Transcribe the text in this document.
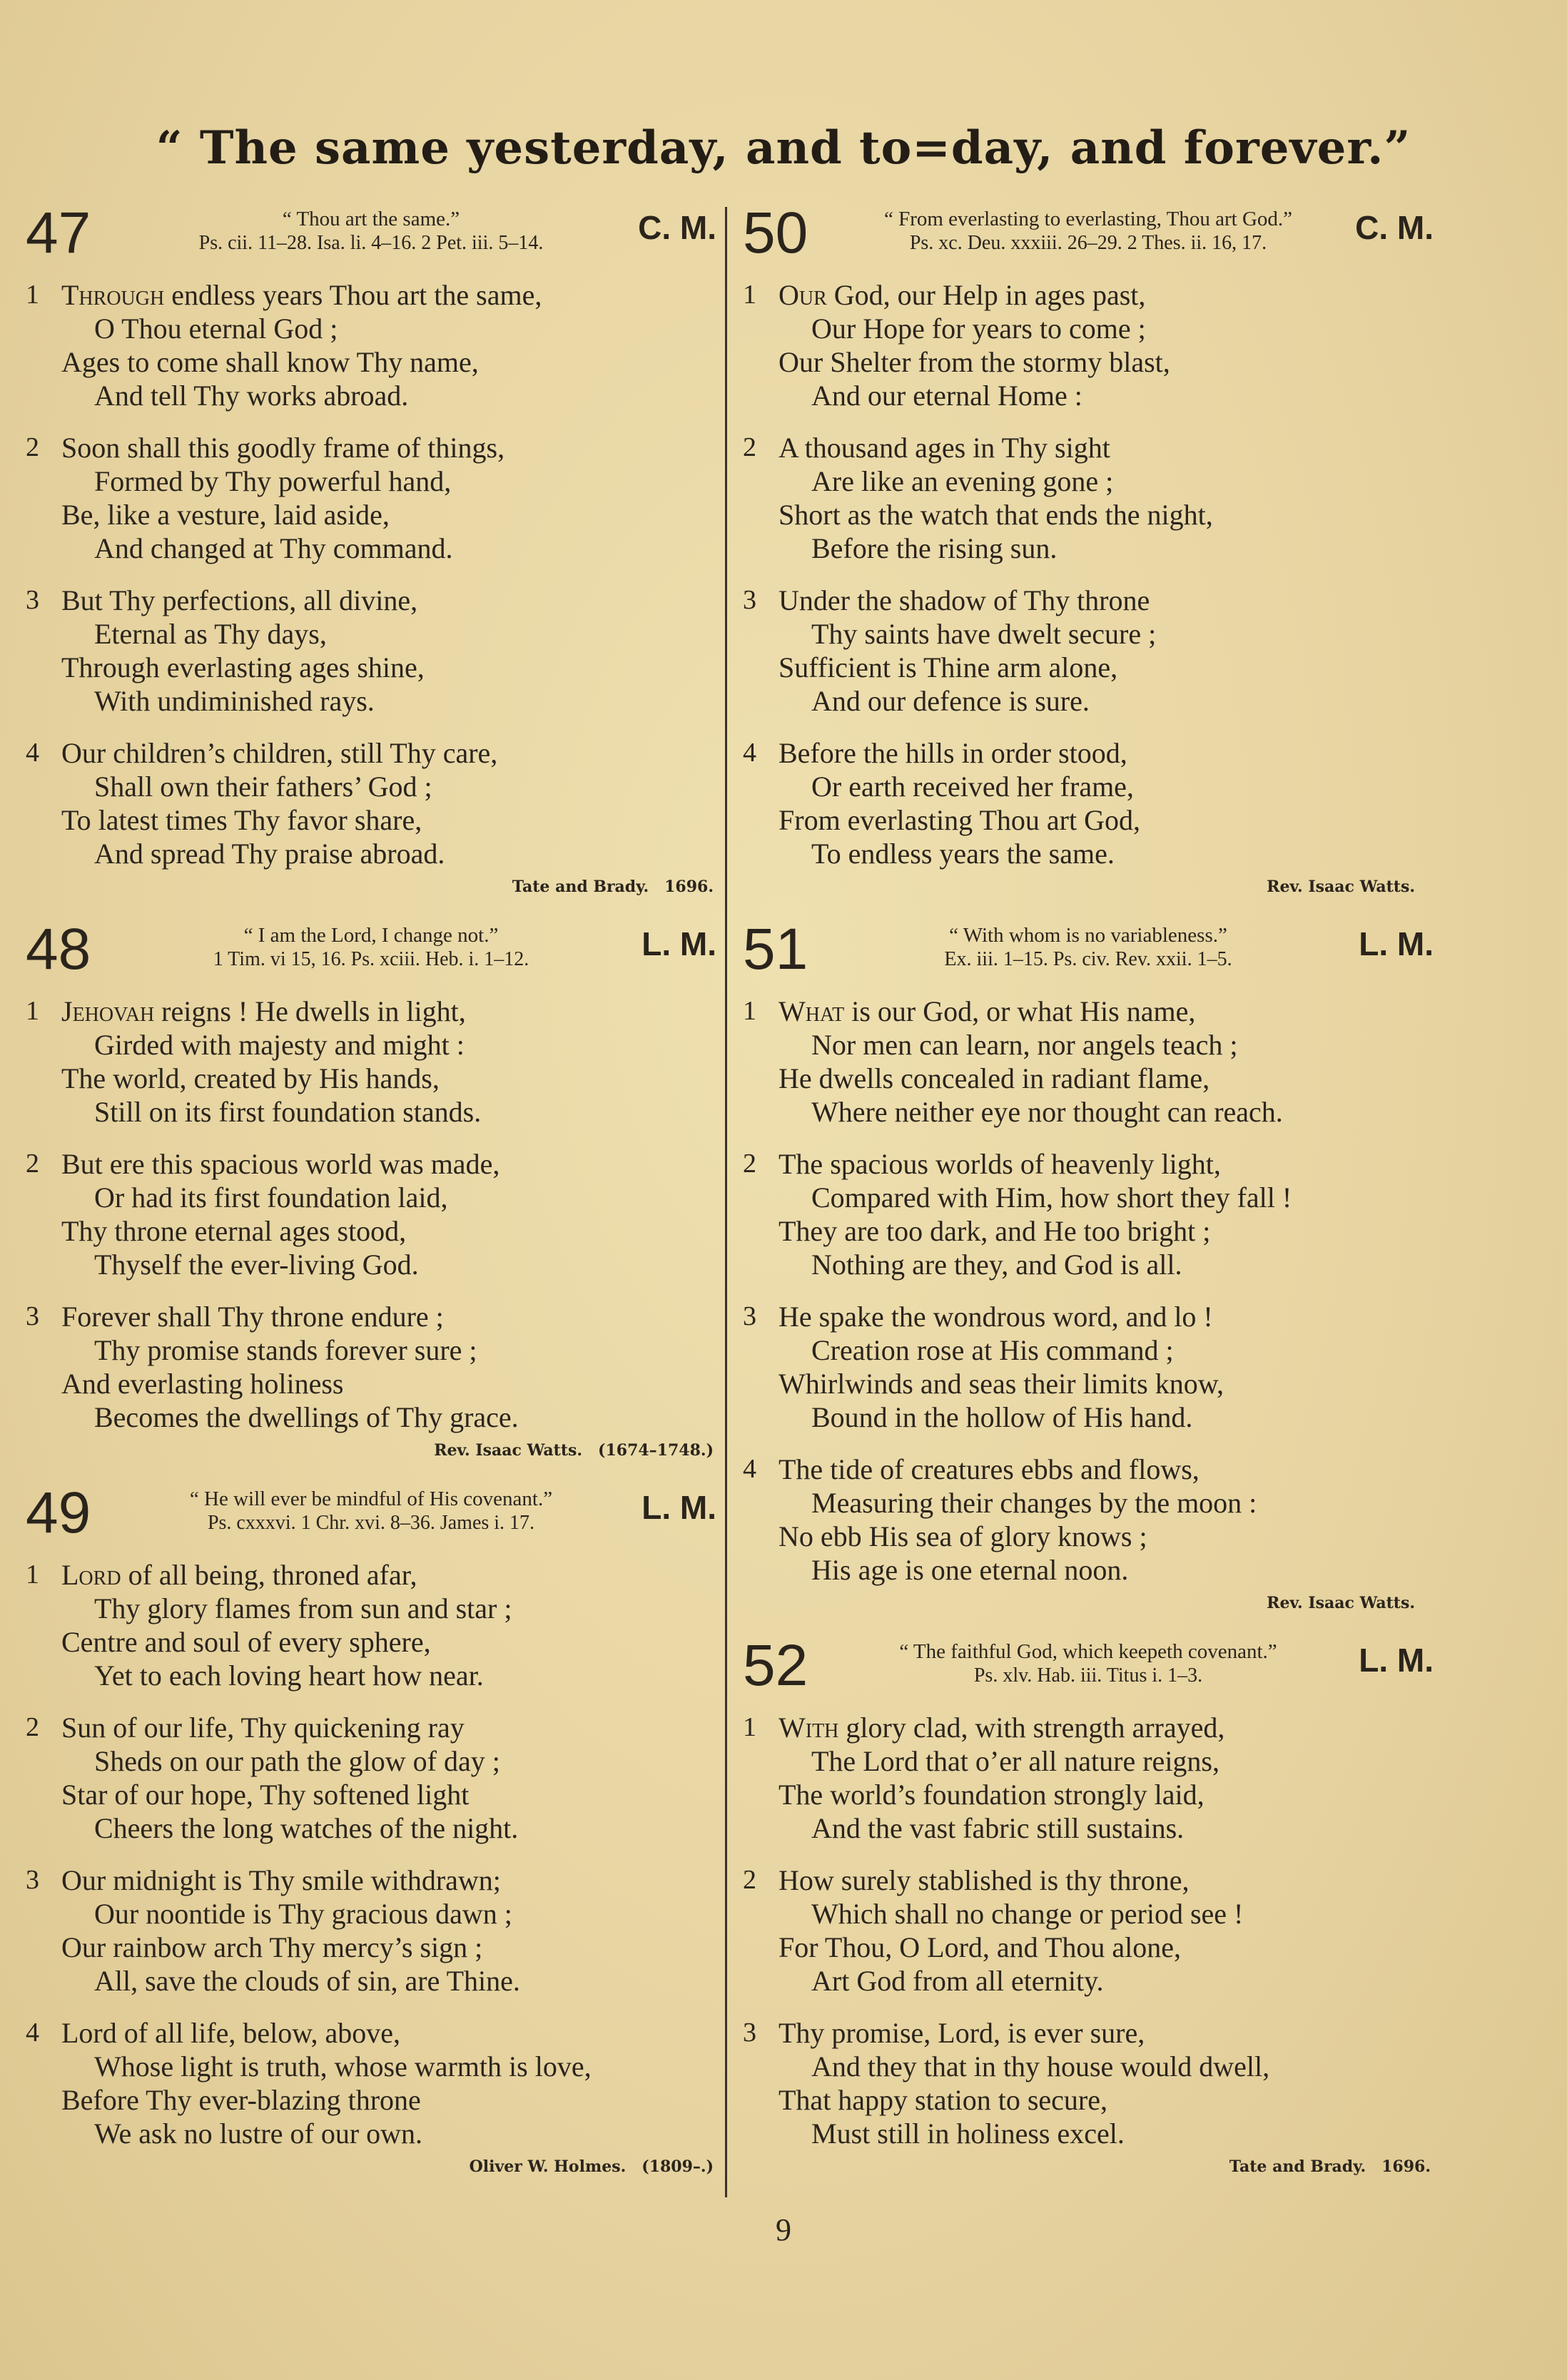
“ The same yesterday, and to=day, and forever.”
47	“ Thou art the same.”
Ps. cii. 11–28. Isa. li. 4–16. 2 Pet. iii. 5–14.	C. M.
1 Through endless years Thou art the same,
O Thou eternal God ;
Ages to come shall know Thy name,
And tell Thy works abroad.
2 Soon shall this goodly frame of things,
Formed by Thy powerful hand,
Be, like a vesture, laid aside,
And changed at Thy command.
3 But Thy perfections, all divine,
Eternal as Thy days,
Through everlasting ages shine,
With undiminished rays.
4 Our children’s children, still Thy care,
Shall own their fathers’ God ;
To latest times Thy favor share,
And spread Thy praise abroad.
Tate and Brady. 1696.
48	“ I am the Lord, I change not.”
1 Tim. vi 15, 16. Ps. xciii. Heb. i. 1–12.	L. M.
1 Jehovah reigns ! He dwells in light,
Girded with majesty and might :
The world, created by His hands,
Still on its first foundation stands.
2 But ere this spacious world was made,
Or had its first foundation laid,
Thy throne eternal ages stood,
Thyself the ever-living God.
3 Forever shall Thy throne endure ;
Thy promise stands forever sure ;
And everlasting holiness
Becomes the dwellings of Thy grace.
Rev. Isaac Watts. (1674–1748.)
49	“ He will ever be mindful of His covenant.”
Ps. cxxxvi. 1 Chr. xvi. 8–36. James i. 17.	L. M.
1 Lord of all being, throned afar,
Thy glory flames from sun and star ;
Centre and soul of every sphere,
Yet to each loving heart how near.
2 Sun of our life, Thy quickening ray
Sheds on our path the glow of day ;
Star of our hope, Thy softened light
Cheers the long watches of the night.
3 Our midnight is Thy smile withdrawn;
Our noontide is Thy gracious dawn ;
Our rainbow arch Thy mercy’s sign ;
All, save the clouds of sin, are Thine.
4 Lord of all life, below, above,
Whose light is truth, whose warmth is love,
Before Thy ever-blazing throne
We ask no lustre of our own.
Oliver W. Holmes. (1809–.)
50	“ From everlasting to everlasting, Thou art God.”
Ps. xc. Deu. xxxiii. 26–29. 2 Thes. ii. 16, 17.	C. M.
1 Our God, our Help in ages past,
Our Hope for years to come ;
Our Shelter from the stormy blast,
And our eternal Home :
2 A thousand ages in Thy sight
Are like an evening gone ;
Short as the watch that ends the night,
Before the rising sun.
3 Under the shadow of Thy throne
Thy saints have dwelt secure ;
Sufficient is Thine arm alone,
And our defence is sure.
4 Before the hills in order stood,
Or earth received her frame,
From everlasting Thou art God,
To endless years the same.
Rev. Isaac Watts.
51	“ With whom is no variableness.”
Ex. iii. 1–15. Ps. civ. Rev. xxii. 1–5.	L. M.
1 What is our God, or what His name,
Nor men can learn, nor angels teach ;
He dwells concealed in radiant flame,
Where neither eye nor thought can reach.
2 The spacious worlds of heavenly light,
Compared with Him, how short they fall !
They are too dark, and He too bright ;
Nothing are they, and God is all.
3 He spake the wondrous word, and lo !
Creation rose at His command ;
Whirlwinds and seas their limits know,
Bound in the hollow of His hand.
4 The tide of creatures ebbs and flows,
Measuring their changes by the moon :
No ebb His sea of glory knows ;
His age is one eternal noon.
Rev. Isaac Watts.
52	“ The faithful God, which keepeth covenant.”
Ps. xlv. Hab. iii. Titus i. 1–3.	L. M.
1 With glory clad, with strength arrayed,
The Lord that o’er all nature reigns,
The world’s foundation strongly laid,
And the vast fabric still sustains.
2 How surely stablished is thy throne,
Which shall no change or period see !
For Thou, O Lord, and Thou alone,
Art God from all eternity.
3 Thy promise, Lord, is ever sure,
And they that in thy house would dwell,
That happy station to secure,
Must still in holiness excel.
Tate and Brady. 1696.
9
